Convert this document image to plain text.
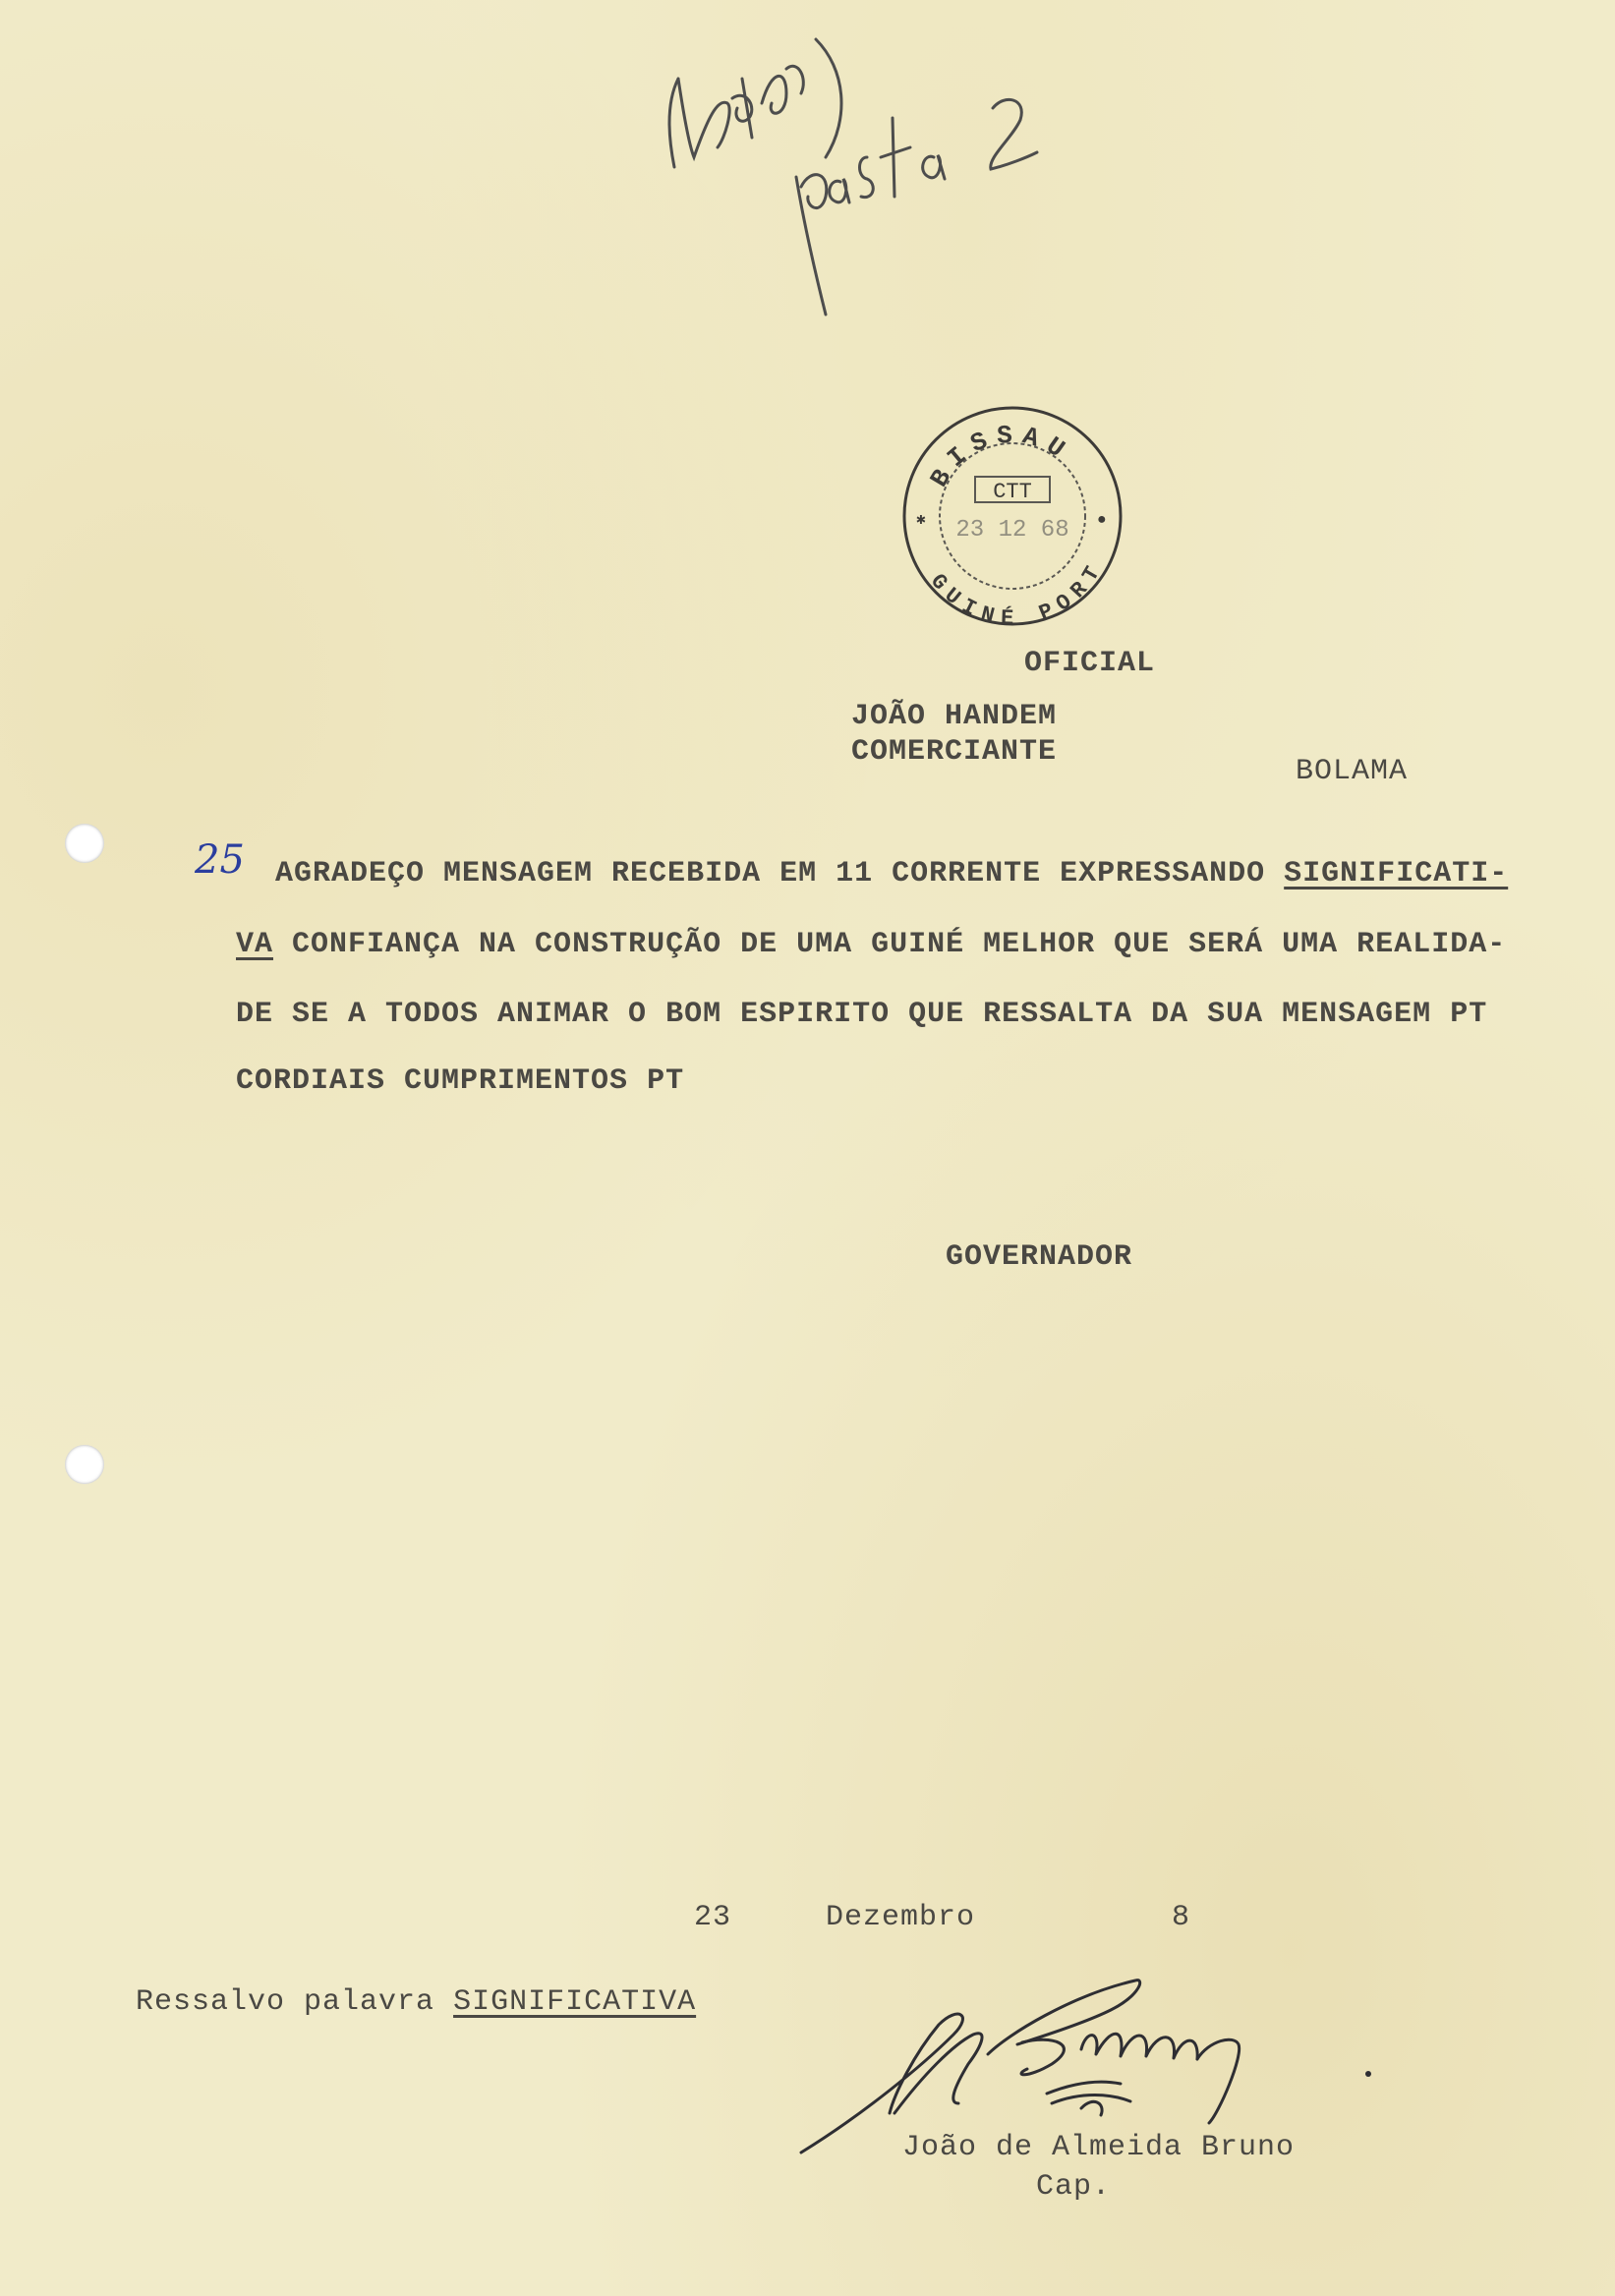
BISSAU
GUINÉ PORT
CTT
23 12 68
✱	●
OFICIAL
JOÃO HANDEM
COMERCIANTE
BOLAMA
25 AGRADEÇO MENSAGEM RECEBIDA EM 11 CORRENTE EXPRESSANDO SIGNIFICATI-
VA CONFIANÇA NA CONSTRUÇÃO DE UMA GUINÉ MELHOR QUE SERÁ UMA REALIDA-
DE SE A TODOS ANIMAR O BOM ESPIRITO QUE RESSALTA DA SUA MENSAGEM PT
CORDIAIS CUMPRIMENTOS PT
GOVERNADOR
23	Dezembro	8
Ressalvo palavra SIGNIFICATIVA
João de Almeida Bruno
Cap.
